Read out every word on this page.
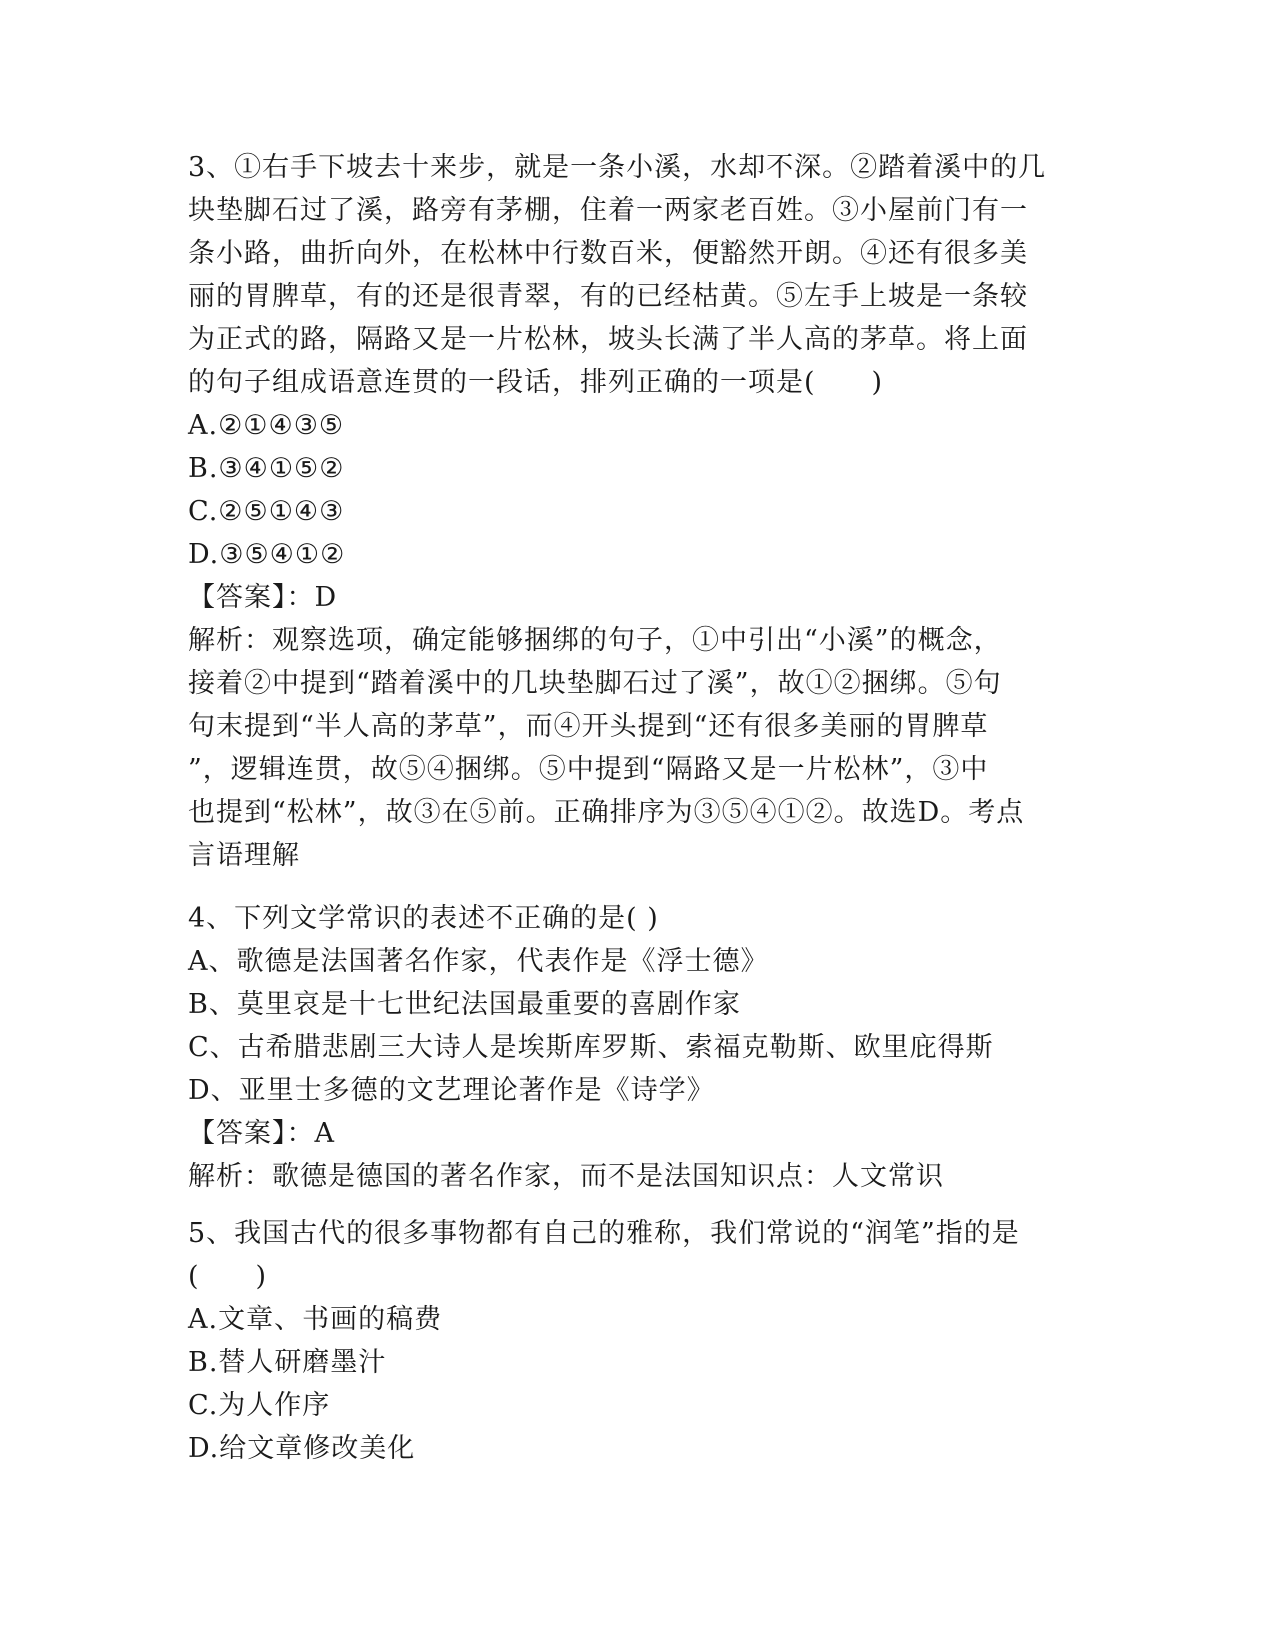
3、①右手下坡去十来步，就是一条小溪，水却不深。②踏着溪中的几
块垫脚石过了溪，路旁有茅棚，住着一两家老百姓。③小屋前门有一
条小路，曲折向外，在松林中行数百米，便豁然开朗。④还有很多美
丽的胃脾草，有的还是很青翠，有的已经枯黄。⑤左手上坡是一条较
为正式的路，隔路又是一片松林，坡头长满了半人高的茅草。将上面
的句子组成语意连贯的一段话，排列正确的一项是(　　)
A.②①④③⑤
B.③④①⑤②
C.②⑤①④③
D.③⑤④①②
【答案】：D
解析：观察选项，确定能够捆绑的句子，①中引出“小溪”的概念，
接着②中提到“踏着溪中的几块垫脚石过了溪”，故①②捆绑。⑤句
句末提到“半人高的茅草”，而④开头提到“还有很多美丽的胃脾草
”，逻辑连贯，故⑤④捆绑。⑤中提到“隔路又是一片松林”，③中
也提到“松林”，故③在⑤前。正确排序为③⑤④①②。故选D。考点
言语理解
4、下列文学常识的表述不正确的是( )
A、歌德是法国著名作家，代表作是《浮士德》
B、莫里哀是十七世纪法国最重要的喜剧作家
C、古希腊悲剧三大诗人是埃斯库罗斯、索福克勒斯、欧里庇得斯
D、亚里士多德的文艺理论著作是《诗学》
【答案】：A
解析：歌德是德国的著名作家，而不是法国知识点：人文常识
5、我国古代的很多事物都有自己的雅称，我们常说的“润笔”指的是
(　　)
A.文章、书画的稿费
B.替人研磨墨汁
C.为人作序
D.给文章修改美化
